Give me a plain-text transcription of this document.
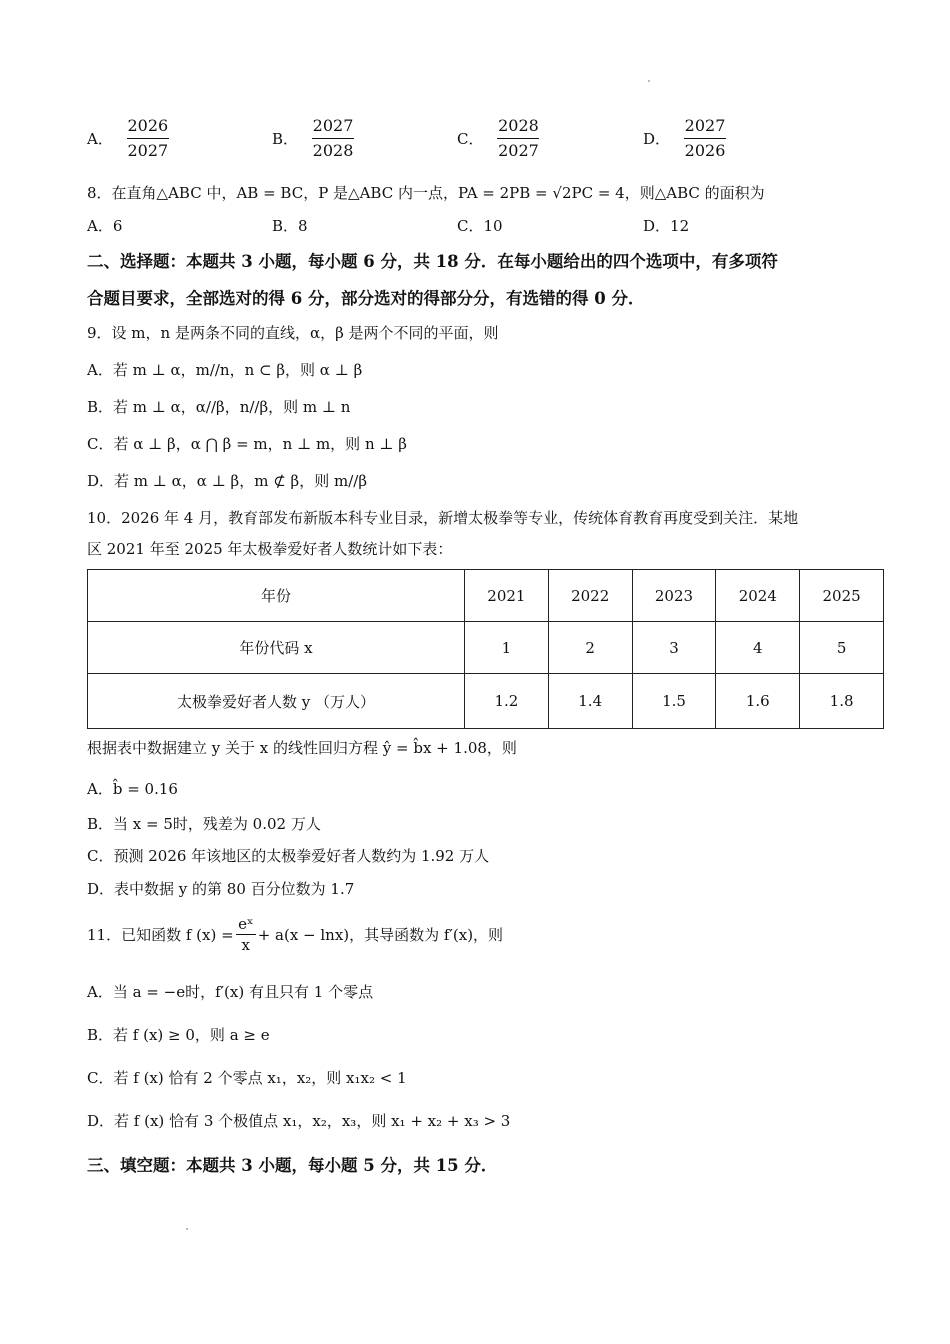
A． $\frac{2026}{2027}$	B． $\frac{2027}{2028}$	C． $\frac{2028}{2027}$	D． $\frac{2027}{2026}$
8．在直角△ABC 中，AB = BC，P 是△ABC 内一点，PA = 2PB = √2PC = 4，则△ABC 的面积为
A．6	B．8	C．10	D．12
二、选择题：本题共 3 小题，每小题 6 分，共 18 分．在每小题给出的四个选项中，有多项符
合题目要求，全部选对的得 6 分，部分选对的得部分分，有选错的得 0 分．
9．设 m，n 是两条不同的直线，α，β 是两个不同的平面，则
A．若 m ⊥ α，m//n，n ⊂ β，则 α ⊥ β
B．若 m ⊥ α，α//β，n//β，则 m ⊥ n
C．若 α ⊥ β，α ⋂ β = m，n ⊥ m，则 n ⊥ β
D．若 m ⊥ α，α ⊥ β，m ⊄ β，则 m//β
10．2026 年 4 月，教育部发布新版本科专业目录，新增太极拳等专业，传统体育教育再度受到关注．某地
区 2021 年至 2025 年太极拳爱好者人数统计如下表：
年份	2021	2022	2023	2024	2025
年份代码 x	1	2	3	4	5
太极拳爱好者人数 y （万人）	1.2	1.4	1.5	1.6	1.8
根据表中数据建立 y 关于 x 的线性回归方程 ŷ = b̂x + 1.08，则
A．b̂ = 0.16
B．当 x = 5时，残差为 0.02 万人
C．预测 2026 年该地区的太极拳爱好者人数约为 1.92 万人
D．表中数据 y 的第 80 百分位数为 1.7
11．已知函数 f (x) =
eˣ
x
+ a(x − lnx)，其导函数为 f′(x)，则
A．当 a = −e时，f′(x) 有且只有 1 个零点
B．若 f (x) ≥ 0，则 a ≥ e
C．若 f (x) 恰有 2 个零点 x₁，x₂，则 x₁x₂ < 1
D．若 f (x) 恰有 3 个极值点 x₁，x₂，x₃，则 x₁ + x₂ + x₃ > 3
三、填空题：本题共 3 小题，每小题 5 分，共 15 分．
